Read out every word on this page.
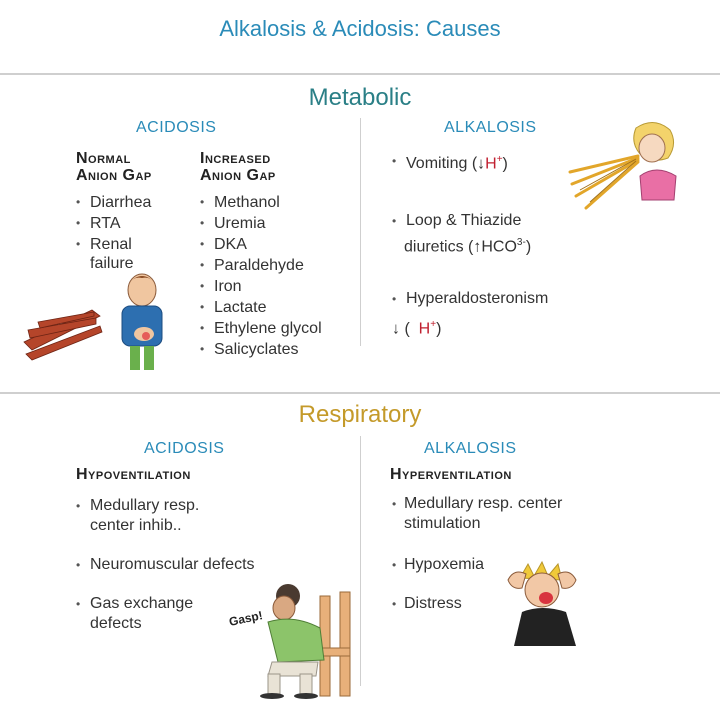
Alkalosis & Acidosis: Causes
Metabolic
ACIDOSIS	ALKALOSIS
Normal
Anion Gap
• Diarrhea
• RTA
• Renal
failure
Increased
Anion Gap
• Methanol
• Uremia
• DKA
• Paraldehyde
• Iron
• Lactate
• Ethylene glycol
• Salicyclates
• Vomiting (↓H+)
• Loop & Thiazide
diuretics $(↑HCO^{3-})$
• Hyperaldosteronism
↓ ( H+)
Respiratory
ACIDOSIS	ALKALOSIS
Hypoventilation	Hyperventilation
• Medullary resp.
center inhib..
• Neuromuscular defects
• Gas exchange
defects	Gasp!
• Medullary resp. center
stimulation
• Hypoxemia
• Distress
